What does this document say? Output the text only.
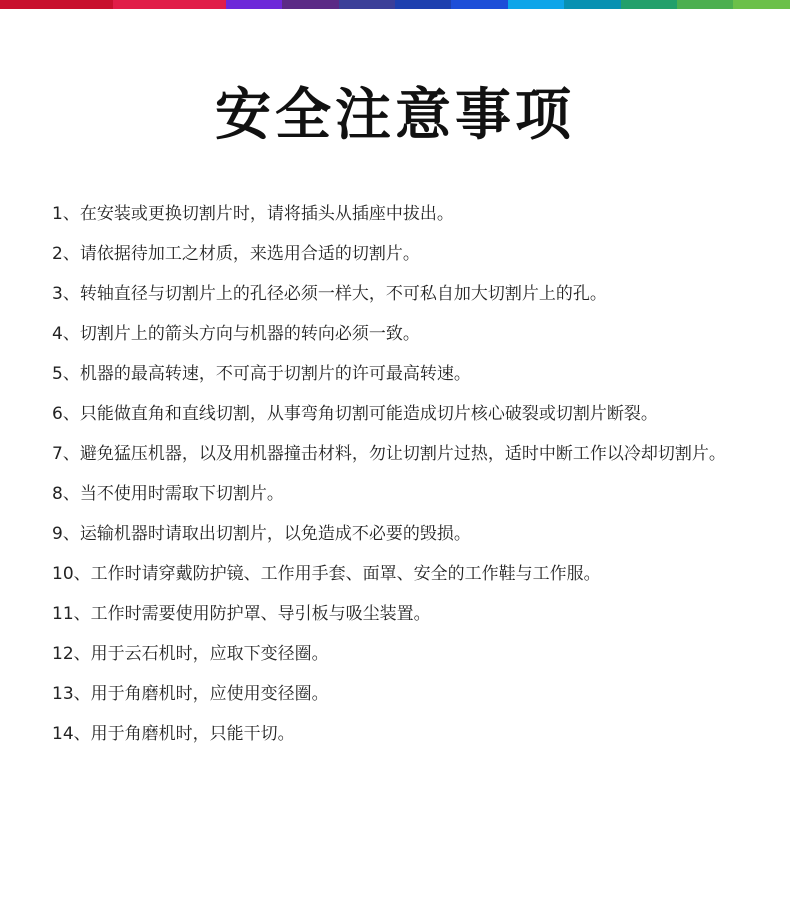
安全注意事项
1、 在安装或更换切割片时，请将插头从插座中拔出。
2、 请依据待加工之材质，来选用合适的切割片。
3、 转轴直径与切割片上的孔径必须一样大，不可私自加大切割片上的孔。
4、 切割片上的箭头方向与机器的转向必须一致。
5、 机器的最高转速，不可高于切割片的许可最高转速。
6、 只能做直角和直线切割，从事弯角切割可能造成切片核心破裂或切割片断裂。
7、 避免猛压机器，以及用机器撞击材料，勿让切割片过热，适时中断工作以冷却切割片。
8、 当不使用时需取下切割片。
9、 运输机器时请取出切割片，以免造成不必要的毁损。
10、 工作时请穿戴防护镜、工作用手套、面罩、安全的工作鞋与工作服。
11、 工作时需要使用防护罩、导引板与吸尘装置。
12、 用于云石机时，应取下变径圈。
13、 用于角磨机时，应使用变径圈。
14、 用于角磨机时，只能干切。
